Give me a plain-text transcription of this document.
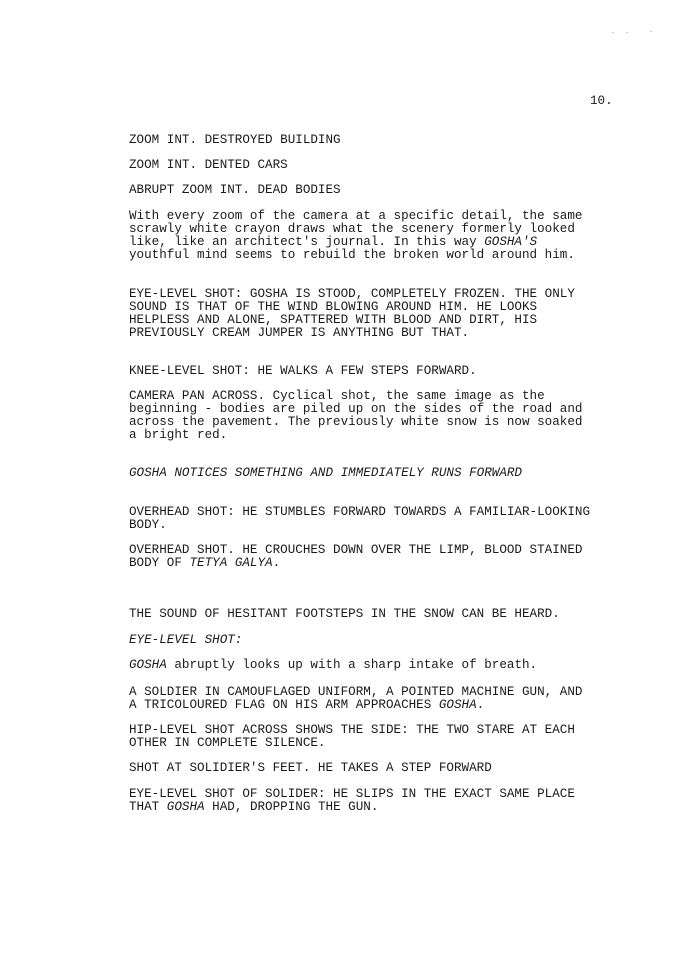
10.
ZOOM INT. DESTROYED BUILDING
ZOOM INT. DENTED CARS
ABRUPT ZOOM INT. DEAD BODIES
With every zoom of the camera at a specific detail, the same
scrawly white crayon draws what the scenery formerly looked
like, like an architect's journal. In this way GOSHA'S
youthful mind seems to rebuild the broken world around him.
EYE-LEVEL SHOT: GOSHA IS STOOD, COMPLETELY FROZEN. THE ONLY
SOUND IS THAT OF THE WIND BLOWING AROUND HIM. HE LOOKS
HELPLESS AND ALONE, SPATTERED WITH BLOOD AND DIRT, HIS
PREVIOUSLY CREAM JUMPER IS ANYTHING BUT THAT.
KNEE-LEVEL SHOT: HE WALKS A FEW STEPS FORWARD.
CAMERA PAN ACROSS. Cyclical shot, the same image as the
beginning - bodies are piled up on the sides of the road and
across the pavement. The previously white snow is now soaked
a bright red.
GOSHA NOTICES SOMETHING AND IMMEDIATELY RUNS FORWARD
OVERHEAD SHOT: HE STUMBLES FORWARD TOWARDS A FAMILIAR-LOOKING
BODY.
OVERHEAD SHOT. HE CROUCHES DOWN OVER THE LIMP, BLOOD STAINED
BODY OF TETYA GALYA.
THE SOUND OF HESITANT FOOTSTEPS IN THE SNOW CAN BE HEARD.
EYE-LEVEL SHOT:
GOSHA abruptly looks up with a sharp intake of breath.
A SOLDIER IN CAMOUFLAGED UNIFORM, A POINTED MACHINE GUN, AND
A TRICOLOURED FLAG ON HIS ARM APPROACHES GOSHA.
HIP-LEVEL SHOT ACROSS SHOWS THE SIDE: THE TWO STARE AT EACH
OTHER IN COMPLETE SILENCE.
SHOT AT SOLIDIER'S FEET. HE TAKES A STEP FORWARD
EYE-LEVEL SHOT OF SOLIDER: HE SLIPS IN THE EXACT SAME PLACE
THAT GOSHA HAD, DROPPING THE GUN.
